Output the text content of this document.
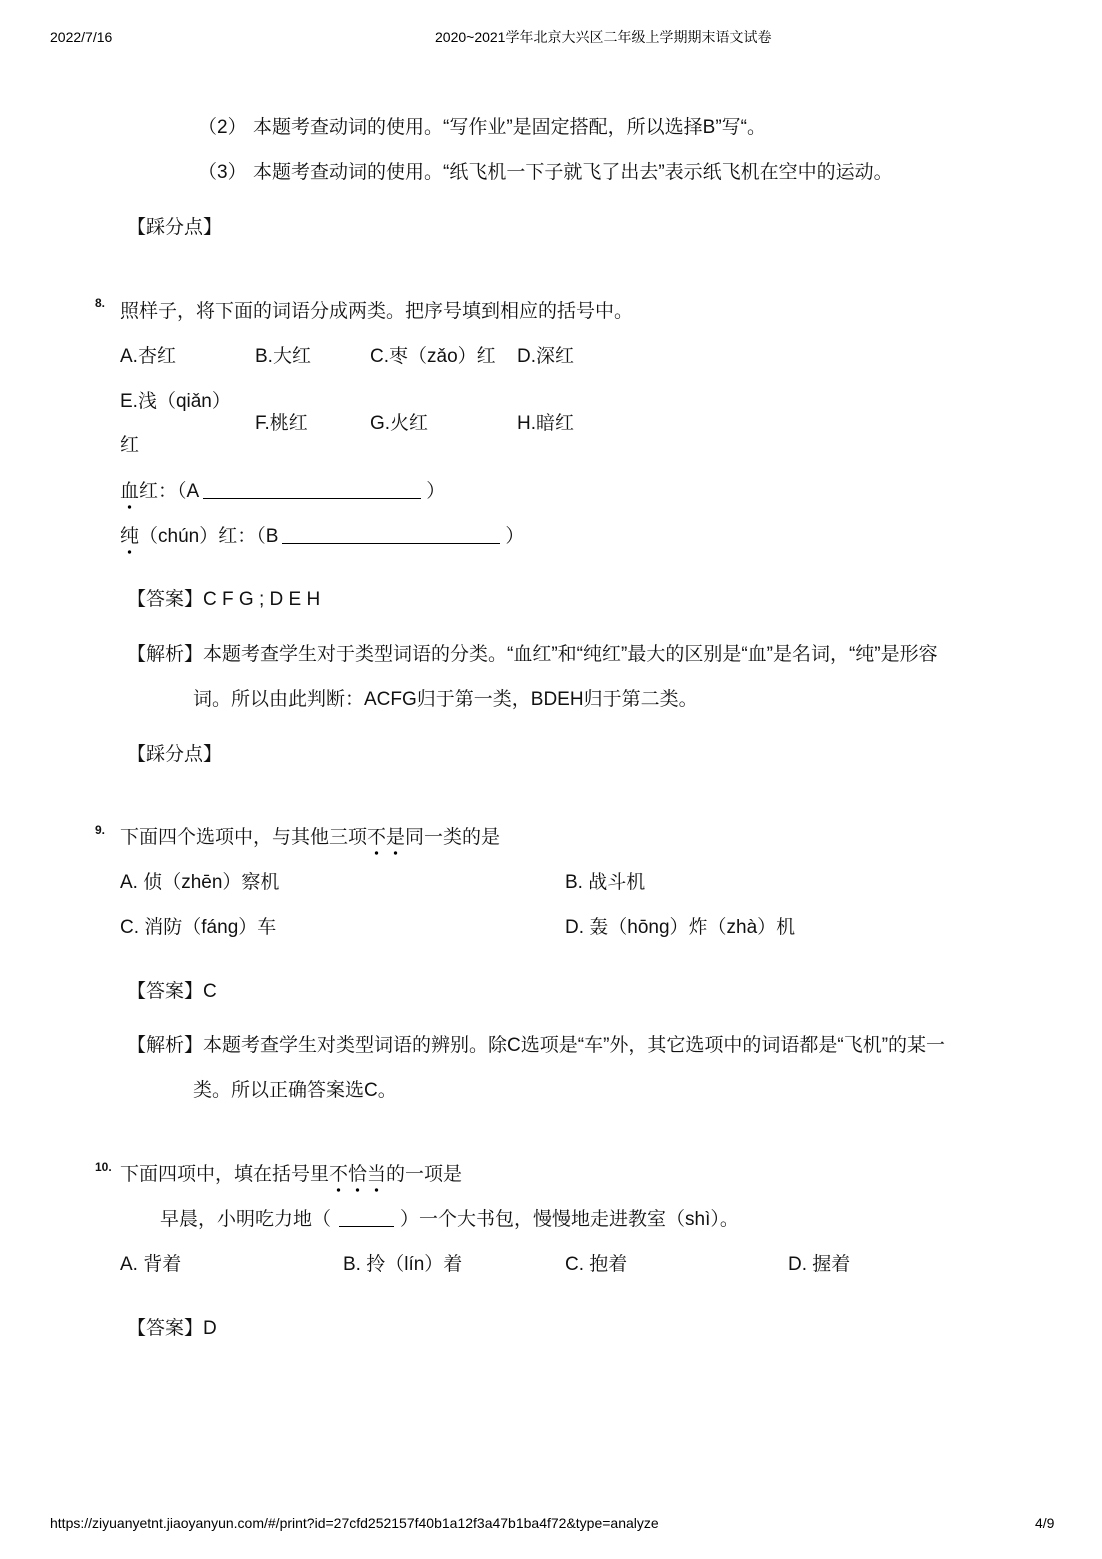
2022/7/16	2020~2021学年北京大兴区二年级上学期期末语文试卷
（2） 本题考查动词的使用。“写作业”是固定搭配，所以选择B”写“。
（3） 本题考查动词的使用。“纸飞机一下子就飞了出去”表示纸飞机在空中的运动。
【踩分点】
8. 照样子，将下面的词语分成两类。把序号填到相应的括号中。
A.杏红	B.大红	C.枣（zǎo）红 D.深红
E.浅（qiǎn）红
F.桃红	G.火红	H.暗红
血红：（A	）
纯（chún）红：（B	）
【答案】C F G ; D E H
【解析】本题考查学生对于类型词语的分类。“血红”和“纯红”最大的区别是“血”是名词，“纯”是形容
词。所以由此判断：ACFG归于第一类，BDEH归于第二类。
【踩分点】
9. 下面四个选项中，与其他三项不是同一类的是
A. 侦（zhēn）察机	B. 战斗机
C. 消防（fáng）车	D. 轰（hōng）炸（zhà）机
【答案】C
【解析】本题考查学生对类型词语的辨别。除C选项是“车”外，其它选项中的词语都是“飞机”的某一
类。所以正确答案选C。
10. 下面四项中，填在括号里不恰当的一项是
早晨，小明吃力地（	）一个大书包，慢慢地走进教室（shì）。
A. 背着	B. 拎（lín）着	C. 抱着	D. 握着
【答案】D
https://ziyuanyetnt.jiaoyanyun.com/#/print?id=27cfd252157f40b1a12f3a47b1ba4f72&type=analyze	4/9
